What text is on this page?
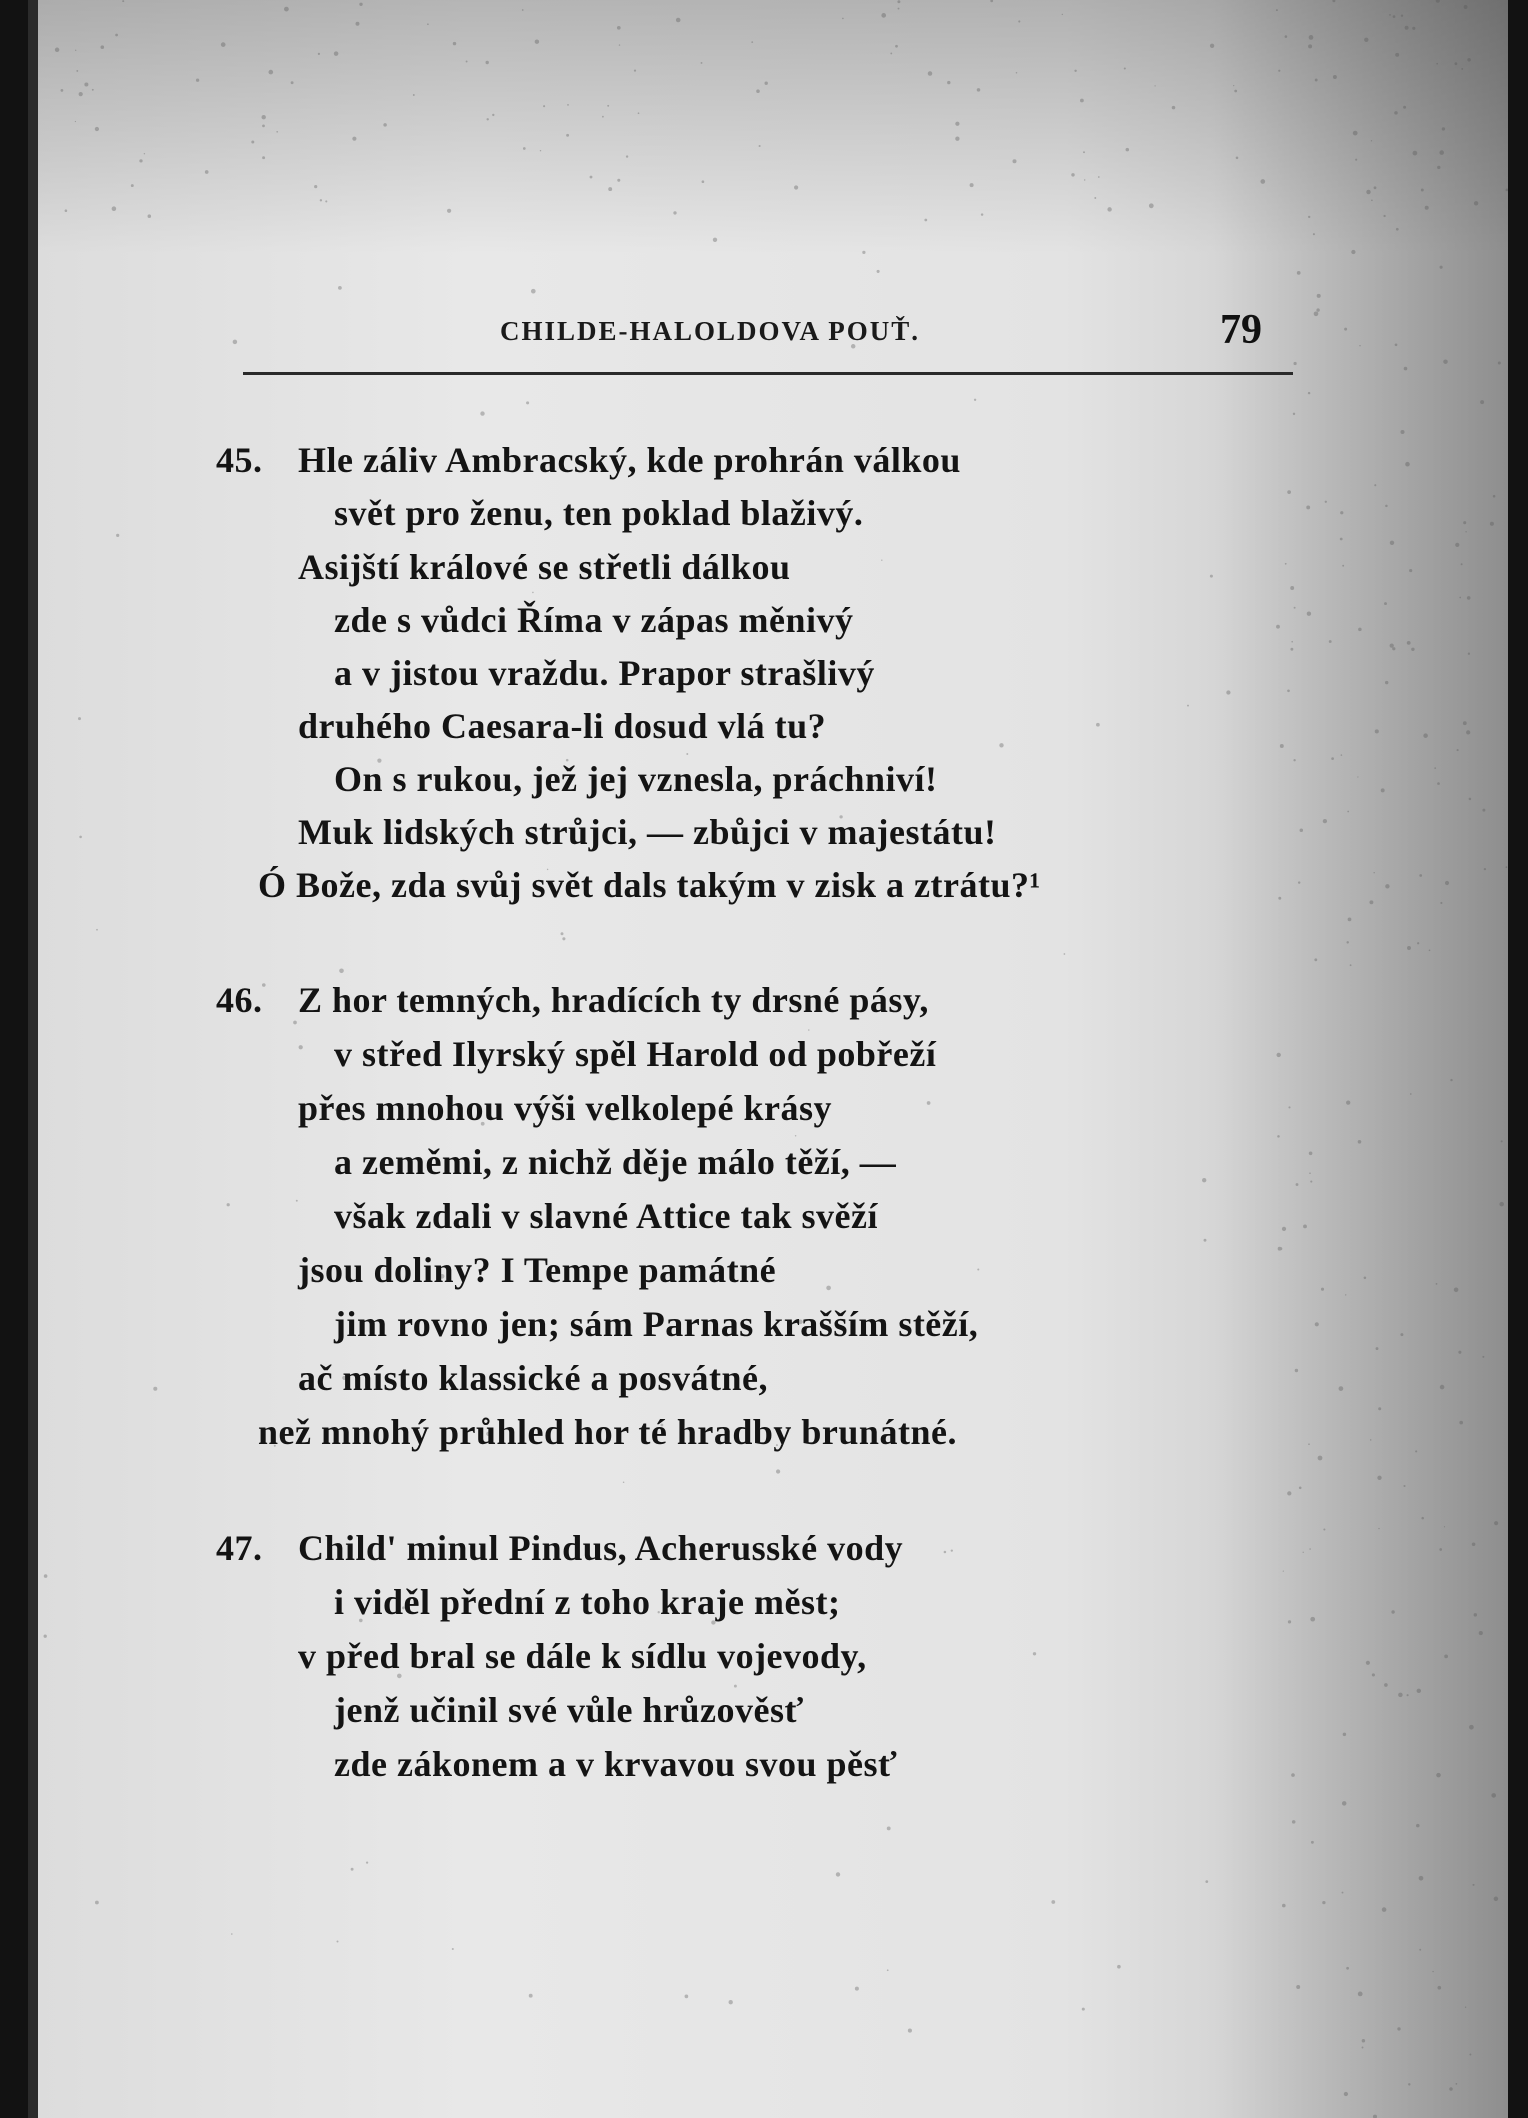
CHILDE-HALOLDOVA POUŤ.	79
45. Hle záliv Ambracský, kde prohrán válkou
svět pro ženu, ten poklad blaživý.
Asijští králové se střetli dálkou
zde s vůdci Říma v zápas měnivý
a v jistou vraždu. Prapor strašlivý
druhého Caesara-li dosud vlá tu?
On s rukou, jež jej vznesla, práchniví!
Muk lidských strůjci, — zbůjci v majestátu!
Ó Bože, zda svůj svět dals takým v zisk a ztrátu?¹
46. Z hor temných, hradících ty drsné pásy,
v střed Ilyrský spěl Harold od pobřeží
přes mnohou výši velkolepé krásy
a zeměmi, z nichž děje málo těží, —
však zdali v slavné Attice tak svěží
jsou doliny? I Tempe památné
jim rovno jen; sám Parnas krašším stěží,
ač místo klassické a posvátné,
než mnohý průhled hor té hradby brunátné.
47. Child' minul Pindus, Acherusské vody
i viděl přední z toho kraje měst;
v před bral se dále k sídlu vojevody,
jenž učinil své vůle hrůzověsť
zde zákonem a v krvavou svou pěsť
